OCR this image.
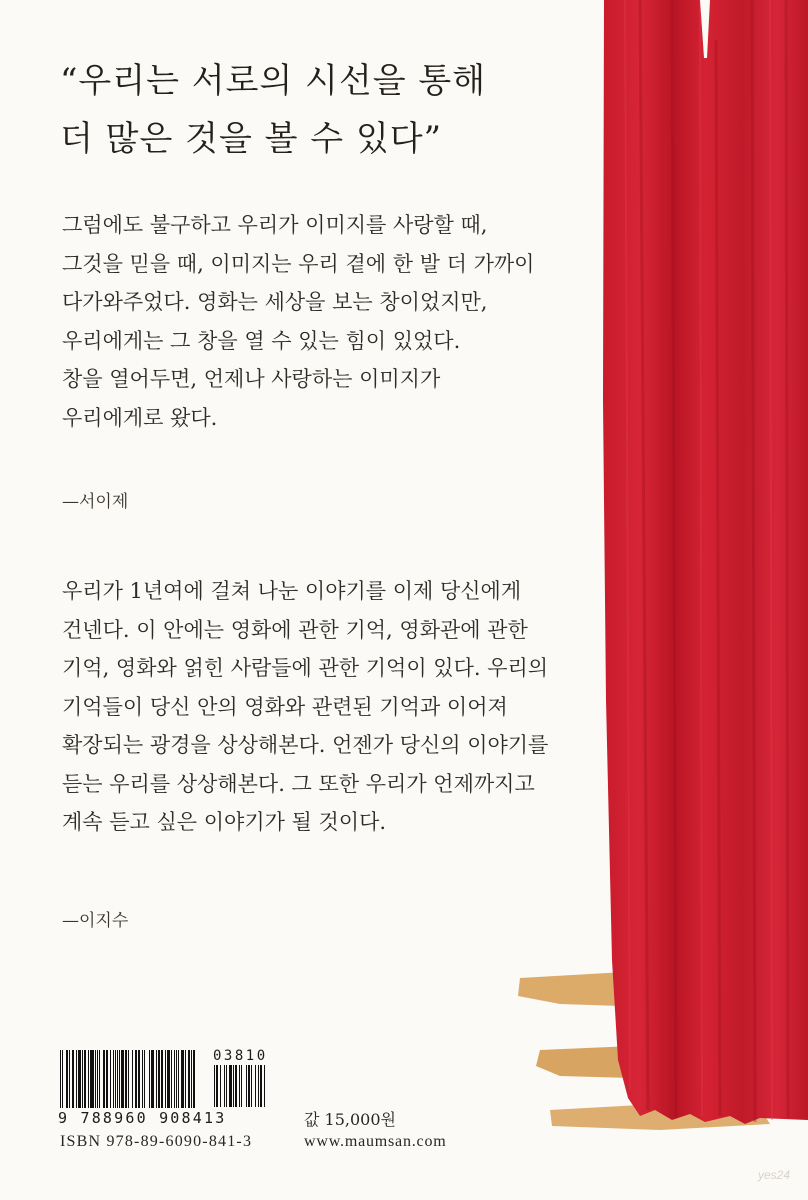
“우리는 서로의 시선을 통해
더 많은 것을 볼 수 있다”
그럼에도 불구하고 우리가 이미지를 사랑할 때,
그것을 믿을 때, 이미지는 우리 곁에 한 발 더 가까이
다가와주었다. 영화는 세상을 보는 창이었지만,
우리에게는 그 창을 열 수 있는 힘이 있었다.
창을 열어두면, 언제나 사랑하는 이미지가
우리에게로 왔다.
—서이제
우리가 1년여에 걸쳐 나눈 이야기를 이제 당신에게
건넨다. 이 안에는 영화에 관한 기억, 영화관에 관한
기억, 영화와 얽힌 사람들에 관한 기억이 있다. 우리의
기억들이 당신 안의 영화와 관련된 기억과 이어져
확장되는 광경을 상상해본다. 언젠가 당신의 이야기를
듣는 우리를 상상해본다. 그 또한 우리가 언제까지고
계속 듣고 싶은 이야기가 될 것이다.
—이지수
9 788960 908413
03810
ISBN 978-89-6090-841-3
값 15,000원
www.maumsan.com
yes24
